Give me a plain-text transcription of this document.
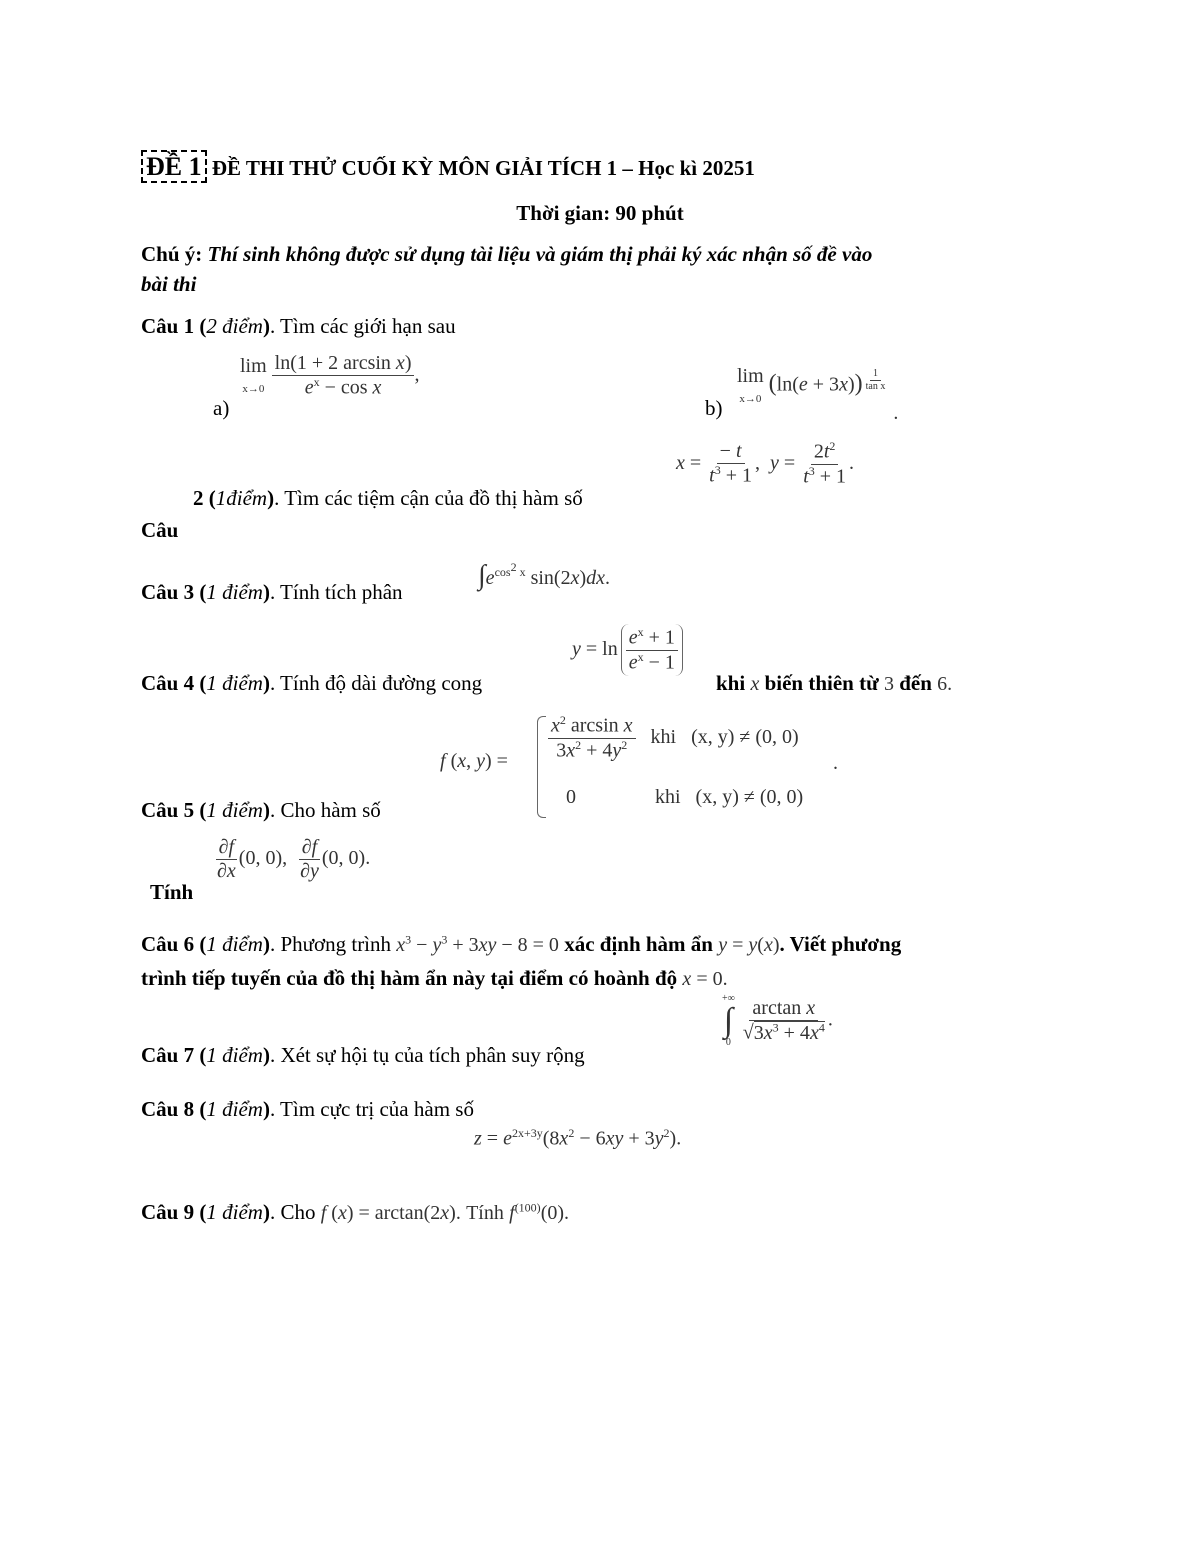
ĐỀ 1 ĐỀ THI THỬ CUỐI KỲ MÔN GIẢI TÍCH 1 – Học kì 20251
Thời gian: 90 phút
Chú ý: Thí sinh không được sử dụng tài liệu và giám thị phải ký xác nhận số đề vào
bài thi
Câu 1 (2 điểm). Tìm các giới hạn sau
a)
lim
$x\to 0 \frac{\text{ln(1 + 2 arcsin x)}}{e^x - \cos x}$ ,
b)
lim
x→0 (ln(e + 3x)) $^{\frac{1}{\text{tan x}}}$
.
2 (1điểm). Tìm các tiệm cận của đồ thị hàm số
Câu
$x = \frac{- t}{t^3 + 1}$ ,  $y = \frac{2t^2}{t^3 + 1}$ .
Câu 3 (1 điểm). Tính tích phân
$\int e^{cos^2 x}$ sin(2x)dx.
Câu 4 (1 điểm). Tính độ dài đường cong
$y = \ln \frac{e^x + 1}{e^x - 1}$
khi x biến thiên từ 3 đến 6.
f (x, $y) = \frac{x^2 \arcsin x}{3x^2 + 4y^2}$ khi   (x, y) ≠ (0, 0)
.
0	khi   (x, y) ≠ (0, 0)
Câu 5 (1 điểm). Cho hàm số
Tính
$\frac{\partial f}{\partial x} (0$, 0), $\frac{\partial f}{\partial y} (0$, 0).
Câu 6 (1 điểm). Phương trình $x^3 - y^3 + 3xy - 8 = 0$ xác định hàm ẩn y = y(x). Viết phương
trình tiếp tuyến của đồ thị hàm ẩn này tại điểm có hoành độ x = 0.
+∞
∫
0
$\frac{\text{arctan x}}{√3x^3 + 4x^4}$ .
Câu 7 (1 điểm). Xét sự hội tụ của tích phân suy rộng
Câu 8 (1 điểm). Tìm cực trị của hàm số
$z = e^{2x+3y}(8x^2 - 6xy + 3y^2)$.
Câu 9 (1 điểm). Cho f (x) = arctan(2x). Tính $f^{(100)}(0)$.
